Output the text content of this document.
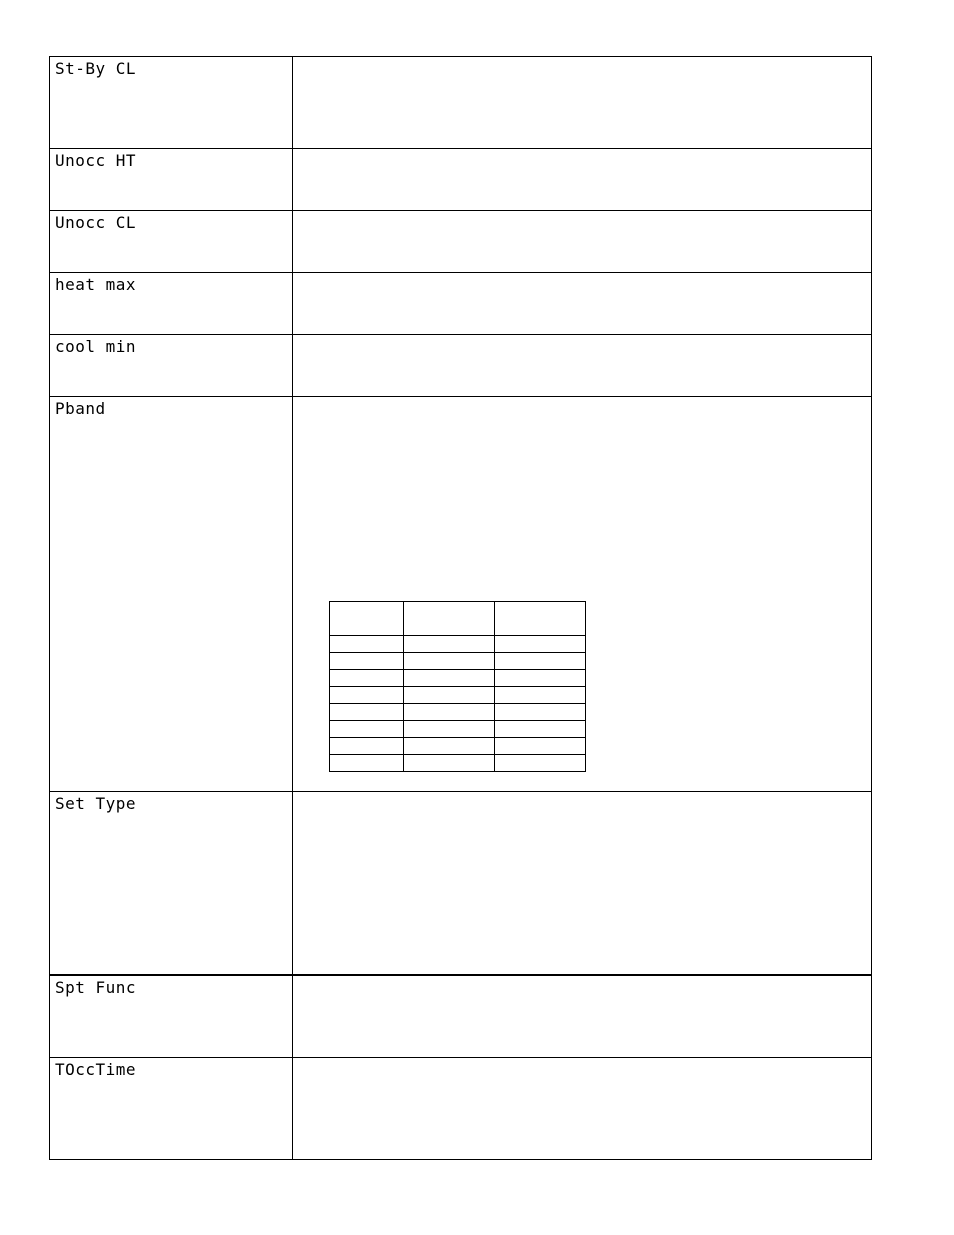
St-By CL
Unocc HT
Unocc CL
heat max
cool min
Pband
Set Type
Spt Func
TOccTime
